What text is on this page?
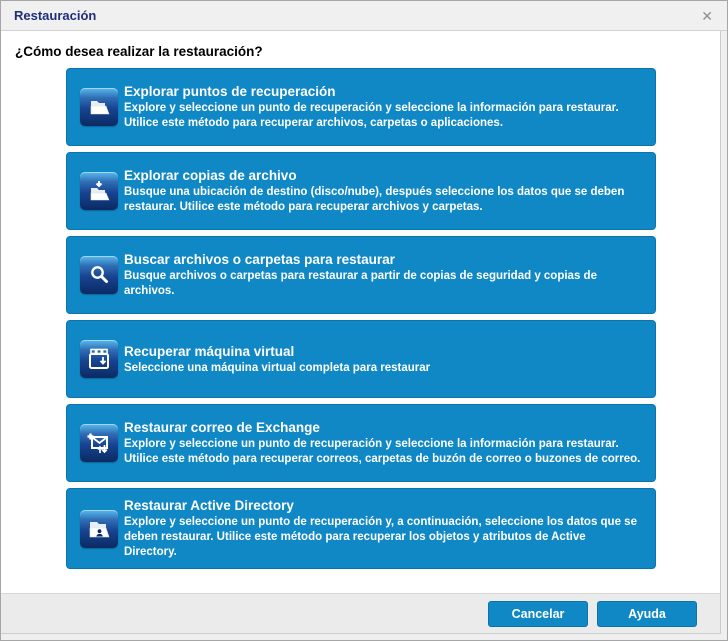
Restauración	✕

¿Cómo desea realizar la restauración?

Explorar puntos de recuperación

Explore y seleccione un punto de recuperación y seleccione la información para restaurar. Utilice este método para recuperar archivos, carpetas o aplicaciones.

Explorar copias de archivo

Busque una ubicación de destino (disco/nube), después seleccione los datos que se deben restaurar. Utilice este método para recuperar archivos y carpetas.

Buscar archivos o carpetas para restaurar

Busque archivos o carpetas para restaurar a partir de copias de seguridad y copias de archivos.

Recuperar máquina virtual

Seleccione una máquina virtual completa para restaurar

Restaurar correo de Exchange

Explore y seleccione un punto de recuperación y seleccione la información para restaurar. Utilice este método para recuperar correos, carpetas de buzón de correo o buzones de correo.

Restaurar Active Directory

Explore y seleccione un punto de recuperación y, a continuación, seleccione los datos que se deben restaurar. Utilice este método para recuperar los objetos y atributos de Active Directory.

Cancelar	Ayuda
